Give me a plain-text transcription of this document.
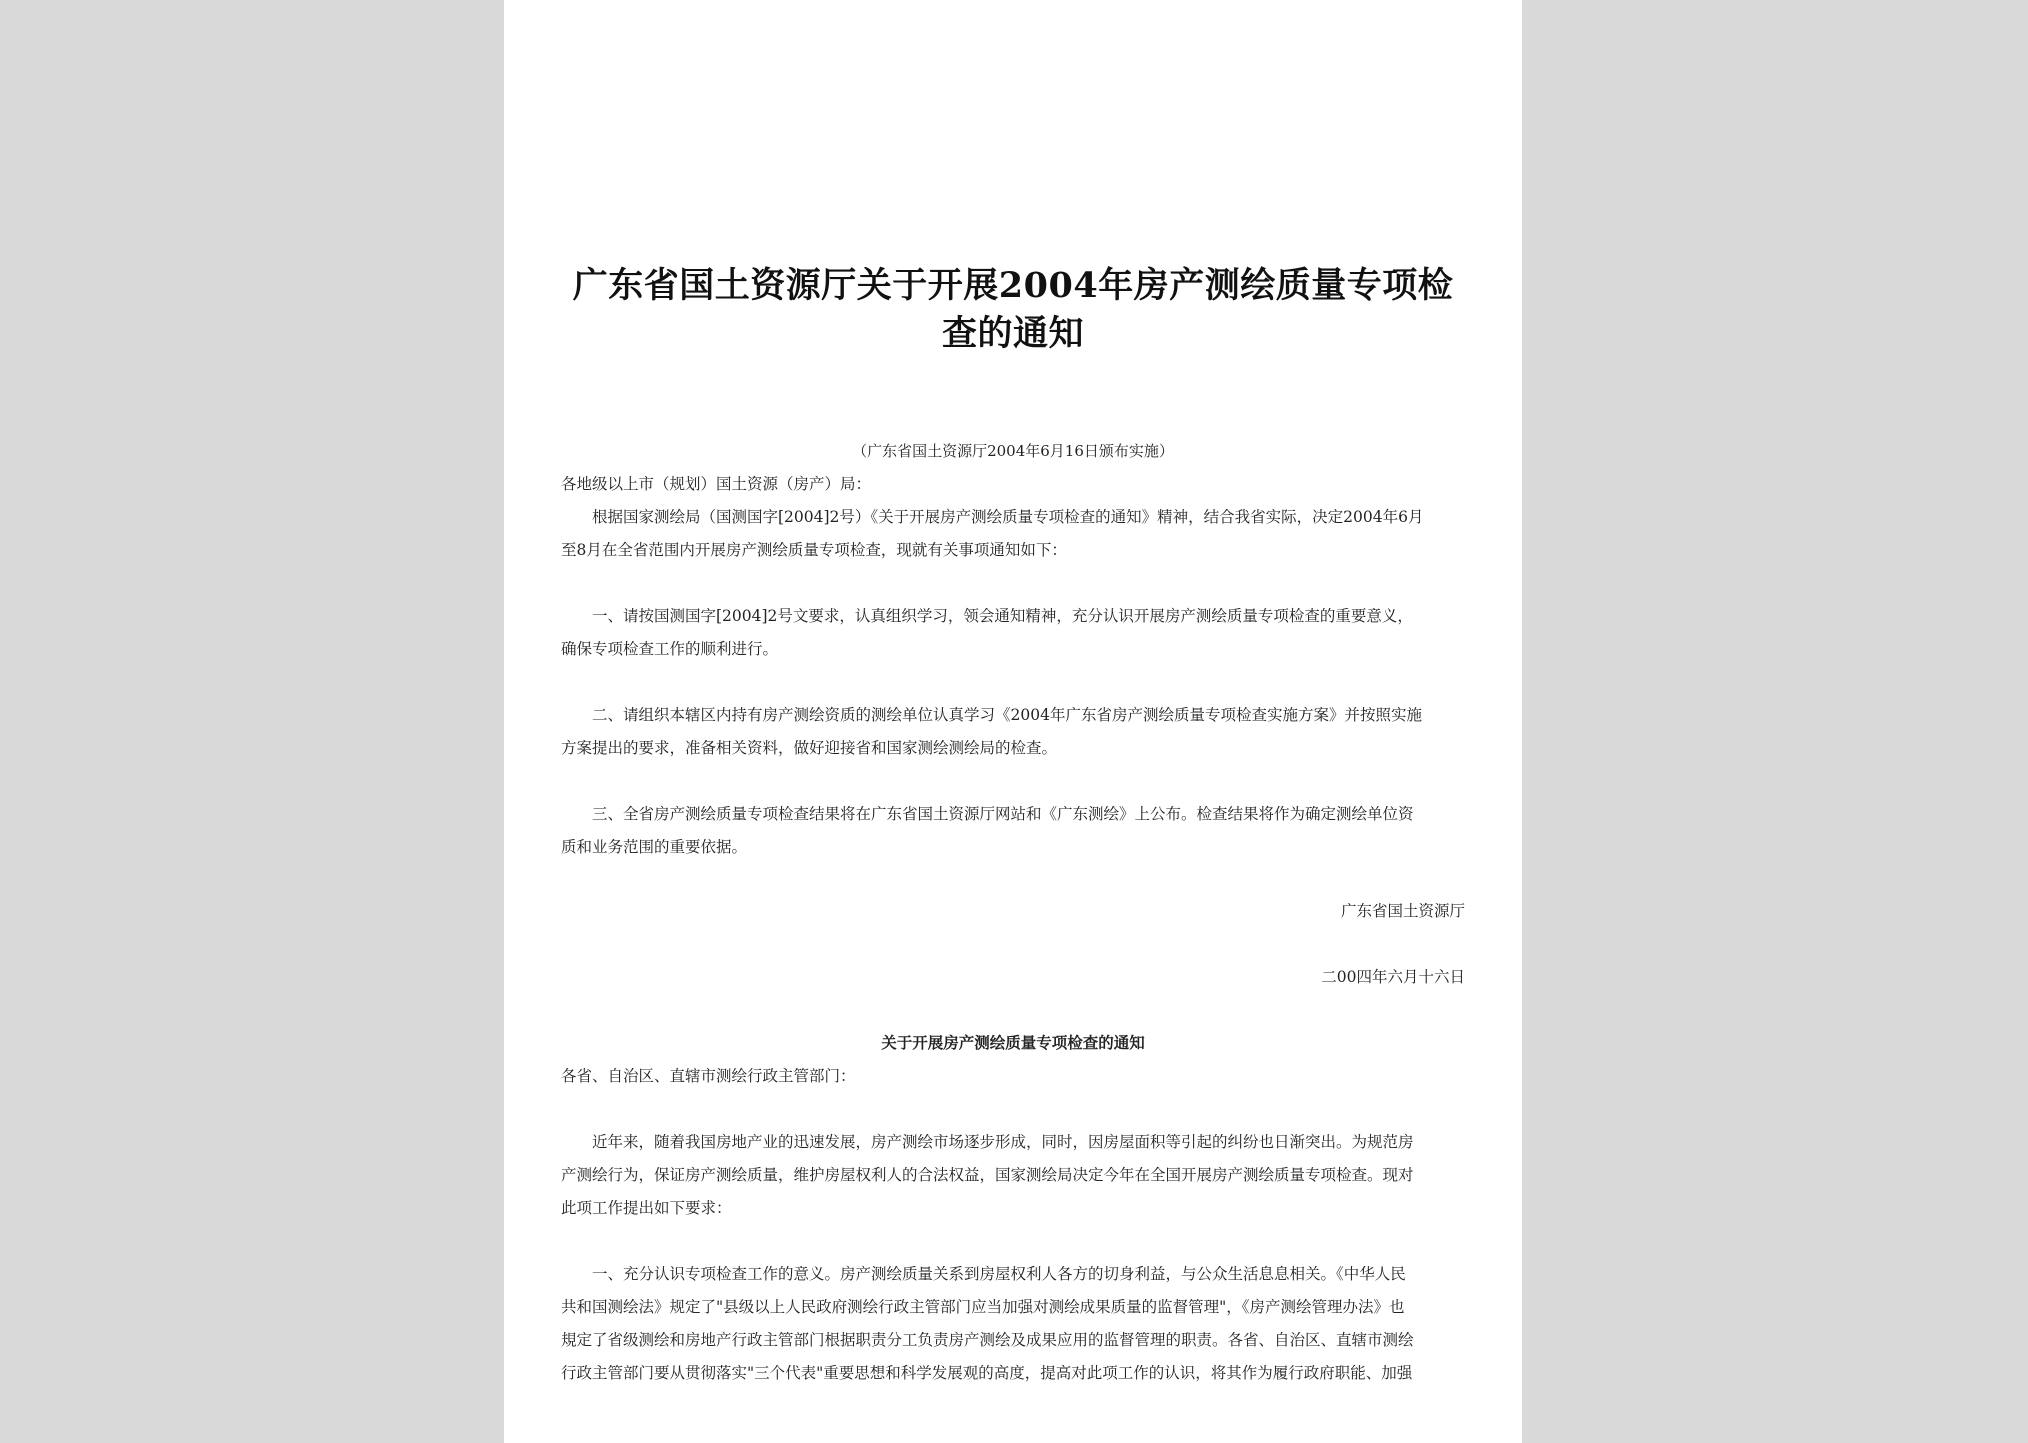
广东省国土资源厅关于开展2004年房产测绘质量专项检
查的通知
（广东省国土资源厅2004年6月16日颁布实施）
各地级以上市（规划）国土资源（房产）局：
根据国家测绘局（国测国字[2004]2号）《关于开展房产测绘质量专项检查的通知》精神，结合我省实际，决定2004年6月
至8月在全省范围内开展房产测绘质量专项检查，现就有关事项通知如下：
一、请按国测国字[2004]2号文要求，认真组织学习，领会通知精神，充分认识开展房产测绘质量专项检查的重要意义，
确保专项检查工作的顺利进行。
二、请组织本辖区内持有房产测绘资质的测绘单位认真学习《2004年广东省房产测绘质量专项检查实施方案》并按照实施
方案提出的要求，准备相关资料，做好迎接省和国家测绘测绘局的检查。
三、全省房产测绘质量专项检查结果将在广东省国土资源厅网站和《广东测绘》上公布。检查结果将作为确定测绘单位资
质和业务范围的重要依据。
广东省国土资源厅
二00四年六月十六日
关于开展房产测绘质量专项检查的通知
各省、自治区、直辖市测绘行政主管部门：
近年来，随着我国房地产业的迅速发展，房产测绘市场逐步形成，同时，因房屋面积等引起的纠纷也日渐突出。为规范房
产测绘行为，保证房产测绘质量，维护房屋权利人的合法权益，国家测绘局决定今年在全国开展房产测绘质量专项检查。现对
此项工作提出如下要求：
一、充分认识专项检查工作的意义。房产测绘质量关系到房屋权利人各方的切身利益，与公众生活息息相关。《中华人民
共和国测绘法》规定了"县级以上人民政府测绘行政主管部门应当加强对测绘成果质量的监督管理"，《房产测绘管理办法》也
規定了省级测绘和房地产行政主管部门根据职责分工负责房产测绘及成果应用的监督管理的职责。各省、自治区、直辖市测绘
行政主管部门要从贯彻落实"三个代表"重要思想和科学发展观的高度，提高对此项工作的认识，将其作为履行政府职能、加强
